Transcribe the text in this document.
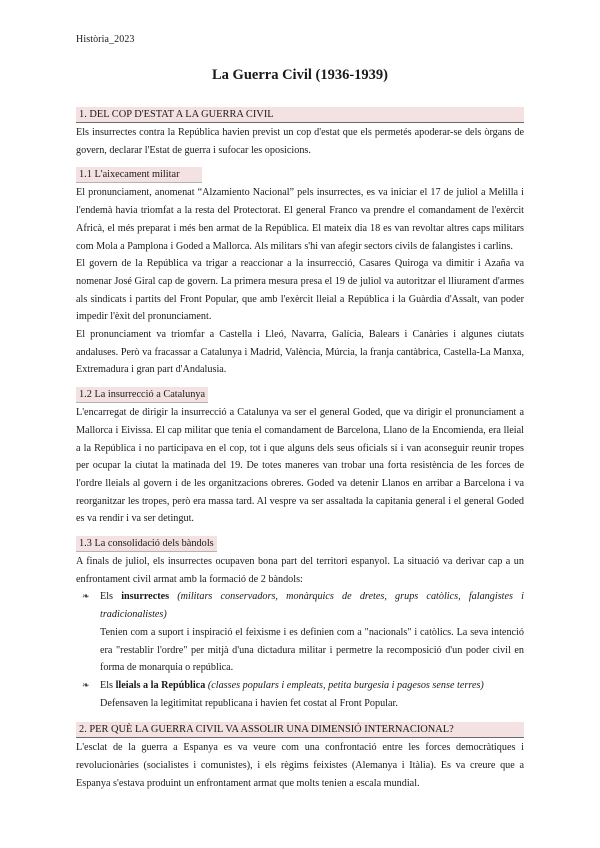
Història_2023
La Guerra Civil (1936-1939)
1. DEL COP D'ESTAT A LA GUERRA CIVIL

Els insurrectes contra la República havien previst un cop d'estat que els permetés apoderar-se dels òrgans de govern, declarar l'Estat de guerra i sufocar les oposicions.

1.1 L'aixecament militar

El pronunciament, anomenat “Alzamiento Nacional” pels insurrectes, es va iniciar el 17 de juliol a Melilla i l'endemà havia triomfat a la resta del Protectorat. El general Franco va prendre el comandament de l'exèrcit Africà, el més preparat i més ben armat de la República. El mateix dia 18 es van revoltar altres caps militars com Mola a Pamplona i Goded a Mallorca. Als militars s'hi van afegir sectors civils de falangistes i carlins.

El govern de la República va trigar a reaccionar a la insurrecció, Casares Quiroga va dimitir i Azaña va nomenar José Giral cap de govern. La primera mesura presa el 19 de juliol va autoritzar el lliurament d'armes als sindicats i partits del Front Popular, que amb l'exèrcit lleial a República i la Guàrdia d'Assalt, van poder impedir l'èxit del pronunciament.

El pronunciament va triomfar a Castella i Lleó, Navarra, Galícia, Balears i Canàries i algunes ciutats andaluses. Però va fracassar a Catalunya i Madrid, València, Múrcia, la franja cantàbrica, Castella-La Manxa, Extremadura i gran part d'Andalusia.

1.2 La insurrecció a Catalunya

L'encarregat de dirigir la insurrecció a Catalunya va ser el general Goded, que va dirigir el pronunciament a Mallorca i Eivissa. El cap militar que tenia el comandament de Barcelona, Llano de la Encomienda, era lleial a la República i no participava en el cop, tot i que alguns dels seus oficials sí i van aconseguir reunir tropes per ocupar la ciutat la matinada del 19. De totes maneres van trobar una forta resistència de les forces de l'ordre lleials al govern i de les organitzacions obreres. Goded va detenir Llanos en arribar a Barcelona i va reorganitzar les tropes, però era massa tard. Al vespre va ser assaltada la capitania general i el general Goded es va rendir i va ser detingut.

1.3 La consolidació dels bàndols

A finals de juliol, els insurrectes ocupaven bona part del territori espanyol. La situació va derivar cap a un enfrontament civil armat amb la formació de 2 bàndols:

❧ Els insurrectes (militars conservadors, monàrquics de dretes, grups catòlics, falangistes i tradicionalistes)
Tenien com a suport i inspiració el feixisme i es definien com a "nacionals" i catòlics. La seva intenció era "restablir l'ordre" per mitjà d'una dictadura militar i permetre la recomposició d'un poder civil en forma de monarquia o república.
❧ Els lleials a la República (classes populars i empleats, petita burgesia i pagesos sense terres)
Defensaven la legitimitat republicana i havien fet costat al Front Popular.
2. PER QUÈ LA GUERRA CIVIL VA ASSOLIR UNA DIMENSIÓ INTERNACIONAL?

L'esclat de la guerra a Espanya es va veure com una confrontació entre les forces democràtiques i revolucionàries (socialistes i comunistes), i els règims feixistes (Alemanya i Itàlia). Es va creure que a Espanya s'estava produint un enfrontament armat que molts tenien a escala mundial.
